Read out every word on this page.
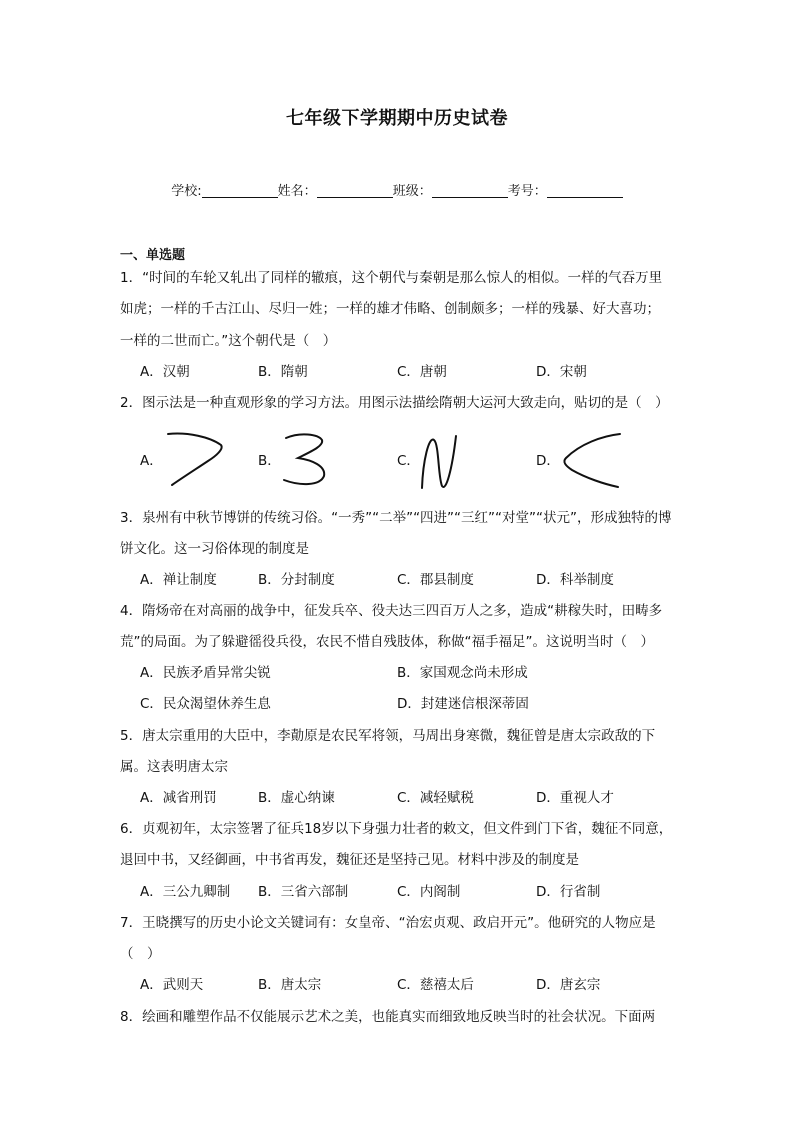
七年级下学期期中历史试卷
学校:	姓名：	班级：	考号：
一、单选题
1．“时间的车轮又轧出了同样的辙痕，这个朝代与秦朝是那么惊人的相似。一样的气吞万里
如虎；一样的千古江山、尽归一姓；一样的雄才伟略、创制颇多；一样的残暴、好大喜功；
一样的二世而亡。”这个朝代是（　）
A．汉朝	B．隋朝	C．唐朝	D．宋朝
2．图示法是一种直观形象的学习方法。用图示法描绘隋朝大运河大致走向，贴切的是（　）
A．	B．	C．	D．
3．泉州有中秋节博饼的传统习俗。“一秀”“二举”“四进”“三红”“对堂”“状元”，形成独特的博
饼文化。这一习俗体现的制度是
A．禅让制度	B．分封制度	C．郡县制度	D．科举制度
4．隋炀帝在对高丽的战争中，征发兵卒、役夫达三四百万人之多，造成“耕稼失时，田畴多
荒”的局面。为了躲避徭役兵役，农民不惜自残肢体，称做“福手福足”。这说明当时（　）
A．民族矛盾异常尖锐	B．家国观念尚未形成
C．民众渴望休养生息	D．封建迷信根深蒂固
5．唐太宗重用的大臣中，李勣原是农民军将领，马周出身寒微，魏征曾是唐太宗政敌的下
属。这表明唐太宗
A．减省刑罚	B．虚心纳谏	C．减轻赋税	D．重视人才
6．贞观初年，太宗签署了征兵18岁以下身强力壮者的敕文，但文件到门下省，魏征不同意，
退回中书，又经御画，中书省再发，魏征还是坚持己见。材料中涉及的制度是
A．三公九卿制 B．三省六部制	C．内阁制	D．行省制
7．王晓撰写的历史小论文关键词有：女皇帝、“治宏贞观、政启开元”。他研究的人物应是
（　）
A．武则天	B．唐太宗	C．慈禧太后	D．唐玄宗
8．绘画和雕塑作品不仅能展示艺术之美，也能真实而细致地反映当时的社会状况。下面两
